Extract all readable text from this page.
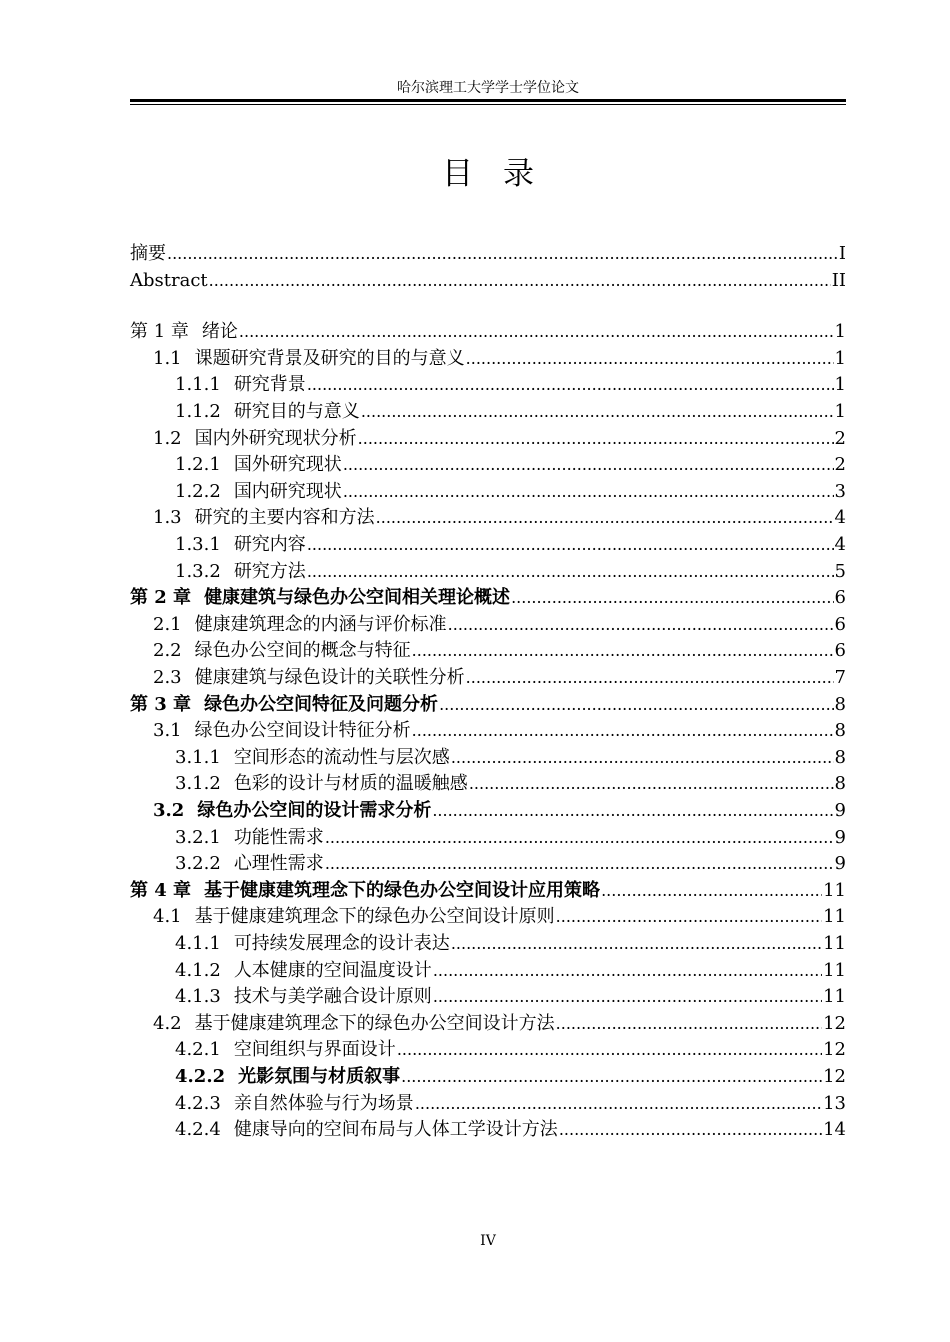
哈尔滨理工大学学士学位论文
目录
摘要 .....	I
Abstract .....	II
第 1 章 绪论 .....	1
1.1 课题研究背景及研究的目的与意义 .....	1
1.1.1 研究背景 .....	1
1.1.2 研究目的与意义 .....	1
1.2 国内外研究现状分析 .....	2
1.2.1 国外研究现状 .....	2
1.2.2 国内研究现状 .....	3
1.3 研究的主要内容和方法 .....	4
1.3.1 研究内容 .....	4
1.3.2 研究方法 .....	5
第 2 章 健康建筑与绿色办公空间相关理论概述 .....	6
2.1 健康建筑理念的内涵与评价标准 .....	6
2.2 绿色办公空间的概念与特征 .....	6
2.3 健康建筑与绿色设计的关联性分析 .....	7
第 3 章 绿色办公空间特征及问题分析 .....	8
3.1 绿色办公空间设计特征分析 .....	8
3.1.1 空间形态的流动性与层次感 .....	8
3.1.2 色彩的设计与材质的温暖触感 .....	8
3.2 绿色办公空间的设计需求分析 .....	9
3.2.1 功能性需求 .....	9
3.2.2 心理性需求 .....	9
第 4 章 基于健康建筑理念下的绿色办公空间设计应用策略 .....	11
4.1 基于健康建筑理念下的绿色办公空间设计原则 .....	11
4.1.1 可持续发展理念的设计表达 .....	11
4.1.2 人本健康的空间温度设计 .....	11
4.1.3 技术与美学融合设计原则 .....	11
4.2 基于健康建筑理念下的绿色办公空间设计方法 .....	12
4.2.1 空间组织与界面设计 .....	12
4.2.2 光影氛围与材质叙事 .....	12
4.2.3 亲自然体验与行为场景 .....	13
4.2.4 健康导向的空间布局与人体工学设计方法 .....	14
IV
